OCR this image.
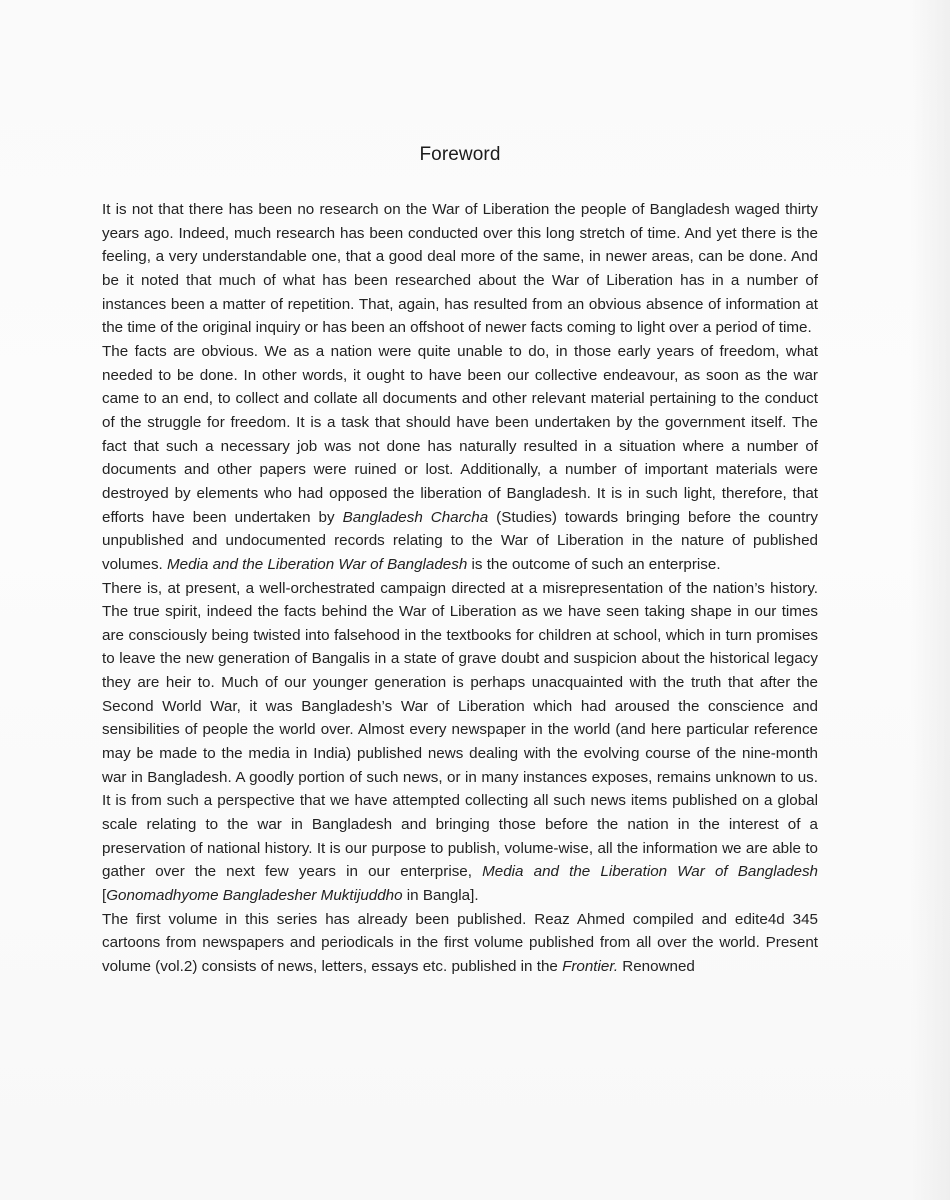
Foreword

It is not that there has been no research on the War of Liberation the people of Bangladesh waged thirty years ago. Indeed, much research has been conducted over this long stretch of time. And yet there is the feeling, a very understandable one, that a good deal more of the same, in newer areas, can be done. And be it noted that much of what has been researched about the War of Liberation has in a number of instances been a matter of repetition. That, again, has resulted from an obvious absence of information at the time of the original inquiry or has been an offshoot of newer facts coming to light over a period of time.

The facts are obvious. We as a nation were quite unable to do, in those early years of freedom, what needed to be done. In other words, it ought to have been our collective endeavour, as soon as the war came to an end, to collect and collate all documents and other relevant material pertaining to the conduct of the struggle for freedom. It is a task that should have been undertaken by the government itself. The fact that such a necessary job was not done has naturally resulted in a situation where a number of documents and other papers were ruined or lost. Additionally, a number of important materials were destroyed by elements who had opposed the liberation of Bangladesh. It is in such light, therefore, that efforts have been undertaken by Bangladesh Charcha (Studies) towards bringing before the country unpublished and undocumented records relating to the War of Liberation in the nature of published volumes. Media and the Liberation War of Bangladesh is the outcome of such an enterprise.

There is, at present, a well-orchestrated campaign directed at a misrepresentation of the nation’s history. The true spirit, indeed the facts behind the War of Liberation as we have seen taking shape in our times are consciously being twisted into falsehood in the textbooks for children at school, which in turn promises to leave the new generation of Bangalis in a state of grave doubt and suspicion about the historical legacy they are heir to. Much of our younger generation is perhaps unacquainted with the truth that after the Second World War, it was Bangladesh’s War of Liberation which had aroused the conscience and sensibilities of people the world over. Almost every newspaper in the world (and here particular reference may be made to the media in India) published news dealing with the evolving course of the nine-month war in Bangladesh. A goodly portion of such news, or in many instances exposes, remains unknown to us. It is from such a perspective that we have attempted collecting all such news items published on a global scale relating to the war in Bangladesh and bringing those before the nation in the interest of a preservation of national history. It is our purpose to publish, volume-wise, all the information we are able to gather over the next few years in our enterprise, Media and the Liberation War of Bangladesh [Gonomadhyome Bangladesher Muktijuddho in Bangla].

The first volume in this series has already been published. Reaz Ahmed compiled and edite4d 345 cartoons from newspapers and periodicals in the first volume published from all over the world. Present volume (vol.2) consists of news, letters, essays etc. published in the Frontier. Renowned
